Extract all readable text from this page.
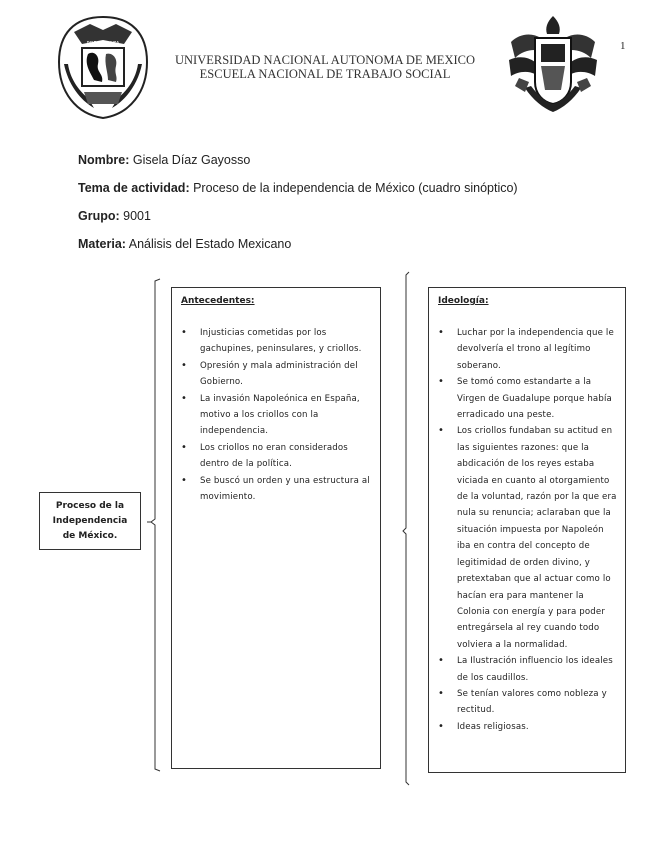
POR MI RAZA	1
UNIVERSIDAD NACIONAL AUTONOMA DE MEXICO
ESCUELA NACIONAL DE TRABAJO SOCIAL
Nombre: Gisela Díaz Gayosso
Tema de actividad: Proceso de la independencia de México (cuadro sinóptico)
Grupo: 9001
Materia: Análisis del Estado Mexicano
Proceso de la
Independencia
de México.
Antecedentes:
• Injusticias cometidas por los gachupines, peninsulares, y criollos.
• Opresión y mala administración del Gobierno.
• La invasión Napoleónica en España, motivo a los criollos con la independencia.
• Los criollos no eran considerados dentro de la política.
• Se buscó un orden y una estructura al movimiento.
Ideología:
• Luchar por la independencia que le devolvería el trono al legítimo soberano.
• Se tomó como estandarte a la Virgen de Guadalupe porque había erradicado una peste.
• Los criollos fundaban su actitud en las siguientes razones: que la abdicación de los reyes estaba viciada en cuanto al otorgamiento de la voluntad, razón por la que era nula su renuncia; aclaraban que la situación impuesta por Napoleón iba en contra del concepto de legitimidad de orden divino, y pretextaban que al actuar como lo hacían era para mantener la Colonia con energía y para poder entregársela al rey cuando todo volviera a la normalidad.
• La Ilustración influencio los ideales de los caudillos.
• Se tenían valores como nobleza y rectitud.
• Ideas religiosas.
